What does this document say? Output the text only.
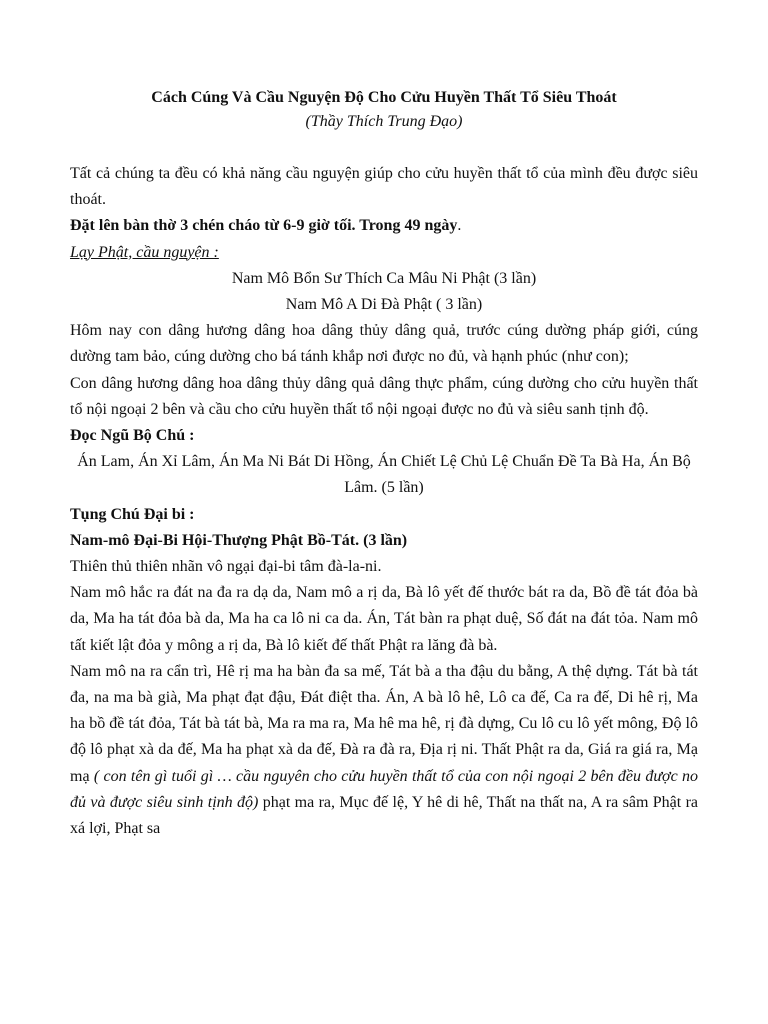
Cách Cúng Và Cầu Nguyện Độ Cho Cửu Huyền Thất Tổ Siêu Thoát

(Thầy Thích Trung Đạo)

Tất cả chúng ta đều có khả năng cầu nguyện giúp cho cửu huyền thất tổ của mình đều được siêu thoát.

Đặt lên bàn thờ 3 chén cháo từ 6-9 giờ tối. Trong 49 ngày.

Lạy Phật, cầu nguyện :

Nam Mô Bổn Sư Thích Ca Mâu Ni Phật (3 lần)

Nam Mô A Di Đà Phật ( 3 lần)

Hôm nay con dâng hương dâng hoa dâng thủy dâng quả, trước cúng dường pháp giới, cúng dường tam bảo, cúng dường cho bá tánh khắp nơi được no đủ, và hạnh phúc (như con);

Con dâng hương dâng hoa dâng thủy dâng quả dâng thực phẩm, cúng dường cho cửu huyền thất tổ nội ngoại 2 bên và cầu cho cửu huyền thất tổ nội ngoại được no đủ và siêu sanh tịnh độ.

Đọc Ngũ Bộ Chú :

Án Lam, Án Xỉ Lâm, Án Ma Ni Bát Di Hồng, Án Chiết Lệ Chủ Lệ Chuẩn Đề Ta Bà Ha, Án Bộ Lâm. (5 lần)

Tụng Chú Đại bi :

Nam-mô Đại-Bi Hội-Thượng Phật Bồ-Tát. (3 lần)

Thiên thủ thiên nhãn vô ngại đại-bi tâm đà-la-ni.

Nam mô hắc ra đát na đa ra dạ da, Nam mô a rị da, Bà lô yết đế thước bát ra da, Bồ đề tát đỏa bà da, Ma ha tát đỏa bà da, Ma ha ca lô ni ca da. Án, Tát bàn ra phạt duệ, Số đát na đát tỏa. Nam mô tất kiết lật đỏa y mông a rị da, Bà lô kiết đế thất Phật ra lăng đà bà.

Nam mô na ra cẩn trì, Hê rị ma ha bàn đa sa mế, Tát bà a tha đậu du bằng, A thệ dựng. Tát bà tát đa, na ma bà già, Ma phạt đạt đậu, Đát điệt tha. Án, A bà lô hê, Lô ca đế, Ca ra đế, Di hê rị, Ma ha bồ đề tát đỏa, Tát bà tát bà, Ma ra ma ra, Ma hê ma hê, rị đà dựng, Cu lô cu lô yết mông, Độ lô độ lô phạt xà da đế, Ma ha phạt xà da đế, Đà ra đà ra, Địa rị ni. Thất Phật ra da, Giá ra giá ra, Mạ mạ ( con tên gì tuổi gì … cầu nguyên cho cửu huyền thất tổ của con nội ngoại 2 bên đều được no đủ và được siêu sinh tịnh độ) phạt ma ra, Mục đế lệ, Y hê di hê, Thất na thất na, A ra sâm Phật ra xá lợi, Phạt sa
